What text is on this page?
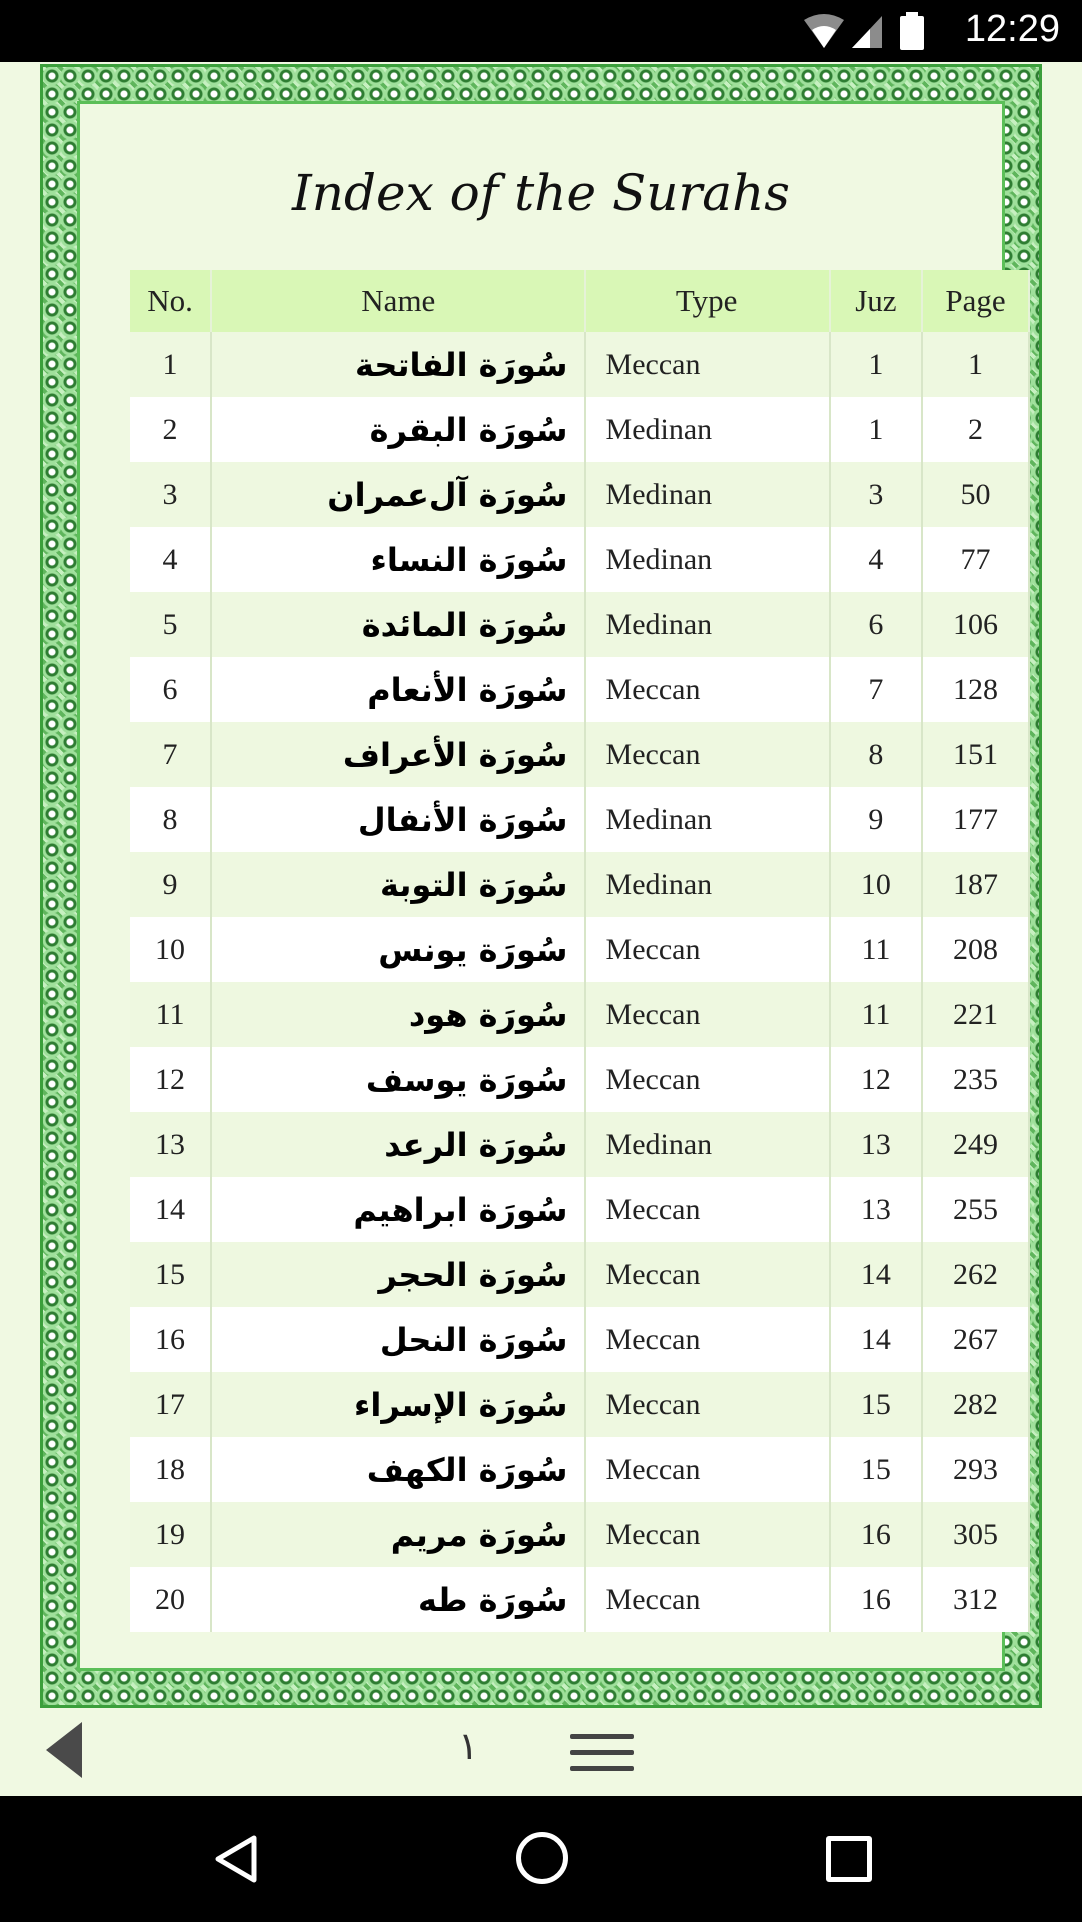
12:29
Index of the Surahs
No.	Name	Type	Juz	Page
1	سُورَة الفاتحة	Meccan	1	1
2	سُورَة البقرة	Medinan	1	2
3	سُورَة آل‌عمران	Medinan	3	50
4	سُورَة النساء	Medinan	4	77
5	سُورَة المائدة	Medinan	6	106
6	سُورَة الأنعام	Meccan	7	128
7	سُورَة الأعراف	Meccan	8	151
8	سُورَة الأنفال	Medinan	9	177
9	سُورَة التوبة	Medinan	10	187
10	سُورَة يونس	Meccan	11	208
11	سُورَة هود	Meccan	11	221
12	سُورَة يوسف	Meccan	12	235
13	سُورَة الرعد	Medinan	13	249
14	سُورَة ابراهيم	Meccan	13	255
15	سُورَة الحجر	Meccan	14	262
16	سُورَة النحل	Meccan	14	267
17	سُورَة الإسراء	Meccan	15	282
18	سُورَة الكهف	Meccan	15	293
19	سُورَة مريم	Meccan	16	305
20	سُورَة طه	Meccan	16	312
١
